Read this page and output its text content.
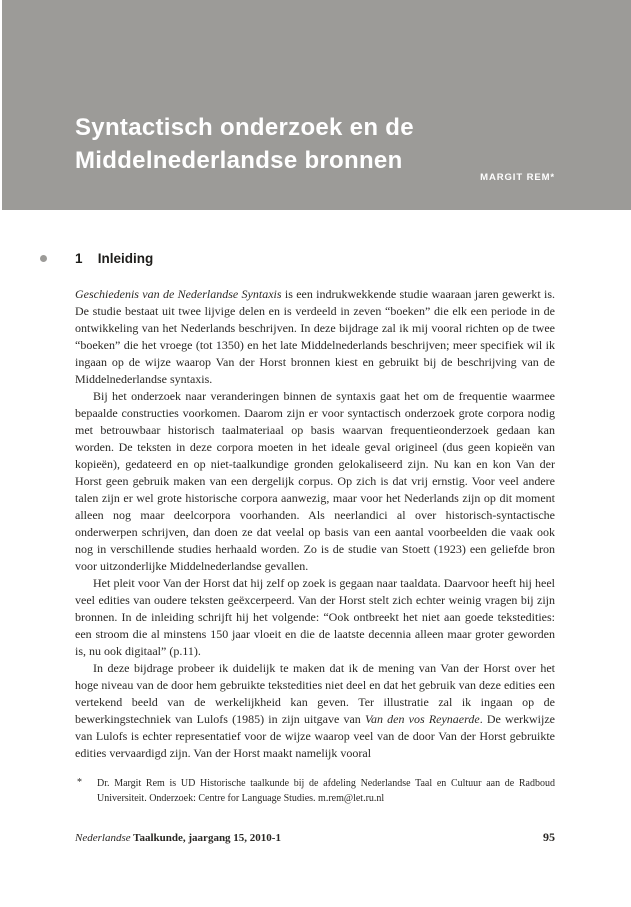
Syntactisch onderzoek en de
Middelnederlandse bronnen
MARGIT REM*
1 Inleiding

Geschiedenis van de Nederlandse Syntaxis is een indrukwekkende studie waaraan jaren gewerkt is. De studie bestaat uit twee lijvige delen en is verdeeld in zeven “boeken” die elk een periode in de ontwikkeling van het Nederlands beschrijven. In deze bijdrage zal ik mij vooral richten op de twee “boeken” die het vroege (tot 1350) en het late Middelnederlands beschrijven; meer specifiek wil ik ingaan op de wijze waarop Van der Horst bronnen kiest en gebruikt bij de beschrijving van de Middelnederlandse syntaxis.

Bij het onderzoek naar veranderingen binnen de syntaxis gaat het om de frequentie waarmee bepaalde constructies voorkomen. Daarom zijn er voor syntactisch onderzoek grote corpora nodig met betrouwbaar historisch taalmateriaal op basis waarvan frequentieonderzoek gedaan kan worden. De teksten in deze corpora moeten in het ideale geval origineel (dus geen kopieën van kopieën), gedateerd en op niet-taalkundige gronden gelokaliseerd zijn. Nu kan en kon Van der Horst geen gebruik maken van een dergelijk corpus. Op zich is dat vrij ernstig. Voor veel andere talen zijn er wel grote historische corpora aanwezig, maar voor het Nederlands zijn op dit moment alleen nog maar deelcorpora voorhanden. Als neerlandici al over historisch-syntactische onderwerpen schrijven, dan doen ze dat veelal op basis van een aantal voorbeelden die vaak ook nog in verschillende studies herhaald worden. Zo is de studie van Stoett (1923) een geliefde bron voor uitzonderlijke Middelnederlandse gevallen.

Het pleit voor Van der Horst dat hij zelf op zoek is gegaan naar taaldata. Daarvoor heeft hij heel veel edities van oudere teksten geëxcerpeerd. Van der Horst stelt zich echter weinig vragen bij zijn bronnen. In de inleiding schrijft hij het volgende: “Ook ontbreekt het niet aan goede tekstedities: een stroom die al minstens 150 jaar vloeit en die de laatste decennia alleen maar groter geworden is, nu ook digitaal” (p.11).

In deze bijdrage probeer ik duidelijk te maken dat ik de mening van Van der Horst over het hoge niveau van de door hem gebruikte tekstedities niet deel en dat het gebruik van deze edities een vertekend beeld van de werkelijkheid kan geven. Ter illustratie zal ik ingaan op de bewerkingstechniek van Lulofs (1985) in zijn uitgave van Van den vos Reynaerde. De werkwijze van Lulofs is echter representatief voor de wijze waarop veel van de door Van der Horst gebruikte edities vervaardigd zijn. Van der Horst maakt namelijk vooral

* Dr. Margit Rem is UD Historische taalkunde bij de afdeling Nederlandse Taal en Cultuur aan de Radboud Universiteit. Onderzoek: Centre for Language Studies. m.rem@let.ru.nl
Nederlandse Taalkunde, jaargang 15, 2010-1	95
